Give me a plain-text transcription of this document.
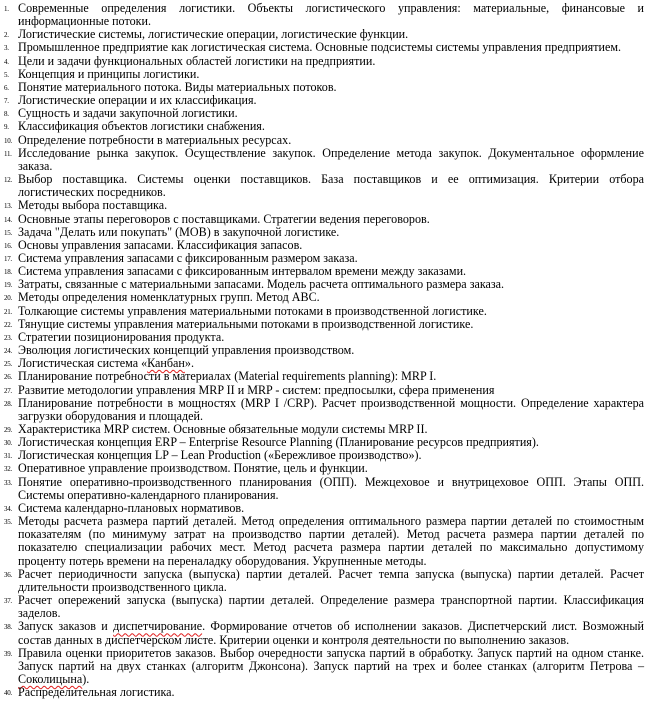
1. Современные определения логистики. Объекты логистического управления: материальные, финансовые и информационные потоки.
2. Логистические системы, логистические операции, логистические функции.
3. Промышленное предприятие как логистическая система. Основные подсистемы системы управления предприятием.
4. Цели и задачи функциональных областей логистики на предприятии.
5. Концепция и принципы логистики.
6. Понятие материального потока. Виды материальных потоков.
7. Логистические операции и их классификация.
8. Сущность и задачи закупочной логистики.
9. Классификация объектов логистики снабжения.
10. Определение потребности в материальных ресурсах.
11. Исследование рынка закупок. Осуществление закупок. Определение метода закупок. Документальное оформление заказа.
12. Выбор поставщика. Системы оценки поставщиков. База поставщиков и ее оптимизация. Критерии отбора логистических посредников.
13. Методы выбора поставщика.
14. Основные этапы переговоров с поставщиками. Стратегии ведения переговоров.
15. Задача "Делать или покупать" (МОВ) в закупочной логистике.
16. Основы управления запасами. Классификация запасов.
17. Система управления запасами с фиксированным размером заказа.
18. Система управления запасами с фиксированным интервалом времени между заказами.
19. Затраты, связанные с материальными запасами. Модель расчета оптимального размера заказа.
20. Методы определения номенклатурных групп. Метод ABC.
21. Толкающие системы управления материальными потоками в производственной логистике.
22. Тянущие системы управления материальными потоками в производственной логистике.
23. Стратегии позиционирования продукта.
24. Эволюция логистических концепций управления производством.
25. Логистическая система «Канбан».
26. Планирование потребности в материалах (Material requirements planning): MRP I.
27. Развитие методологии управления MRP II и MRP - систем: предпосылки, сфера применения
28. Планирование потребности в мощностях (MRP I /CRP). Расчет производственной мощности. Определение характера загрузки оборудования и площадей.
29. Характеристика MRP систем. Основные обязательные модули системы MRP II.
30. Логистическая концепция ERP – Enterprise Resource Planning (Планирование ресурсов предприятия).
31. Логистическая концепция LP – Lean Production («Бережливое производство»).
32. Оперативное управление производством. Понятие, цель и функции.
33. Понятие оперативно-производственного планирования (ОПП). Межцеховое и внутрицеховое ОПП. Этапы ОПП. Системы оперативно-календарного планирования.
34. Система календарно-плановых нормативов.
35. Методы расчета размера партий деталей. Метод определения оптимального размера партии деталей по стоимостным показателям (по минимуму затрат на производство партии деталей). Метод расчета размера партии деталей по показателю специализации рабочих мест. Метод расчета размера партии деталей по максимально допустимому проценту потерь времени на переналадку оборудования. Укрупненные методы.
36. Расчет периодичности запуска (выпуска) партии деталей. Расчет темпа запуска (выпуска) партии деталей. Расчет длительности производственного цикла.
37. Расчет опережений запуска (выпуска) партии деталей. Определение размера транспортной партии. Классификация заделов.
38. Запуск заказов и диспетчирование. Формирование отчетов об исполнении заказов. Диспетчерский лист. Возможный состав данных в диспетчерском листе. Критерии оценки и контроля деятельности по выполнению заказов.
39. Правила оценки приоритетов заказов. Выбор очередности запуска партий в обработку. Запуск партий на одном станке. Запуск партий на двух станках (алгоритм Джонсона). Запуск партий на трех и более станках (алгоритм Петрова – Соколицына).
40. Распределительная логистика.
